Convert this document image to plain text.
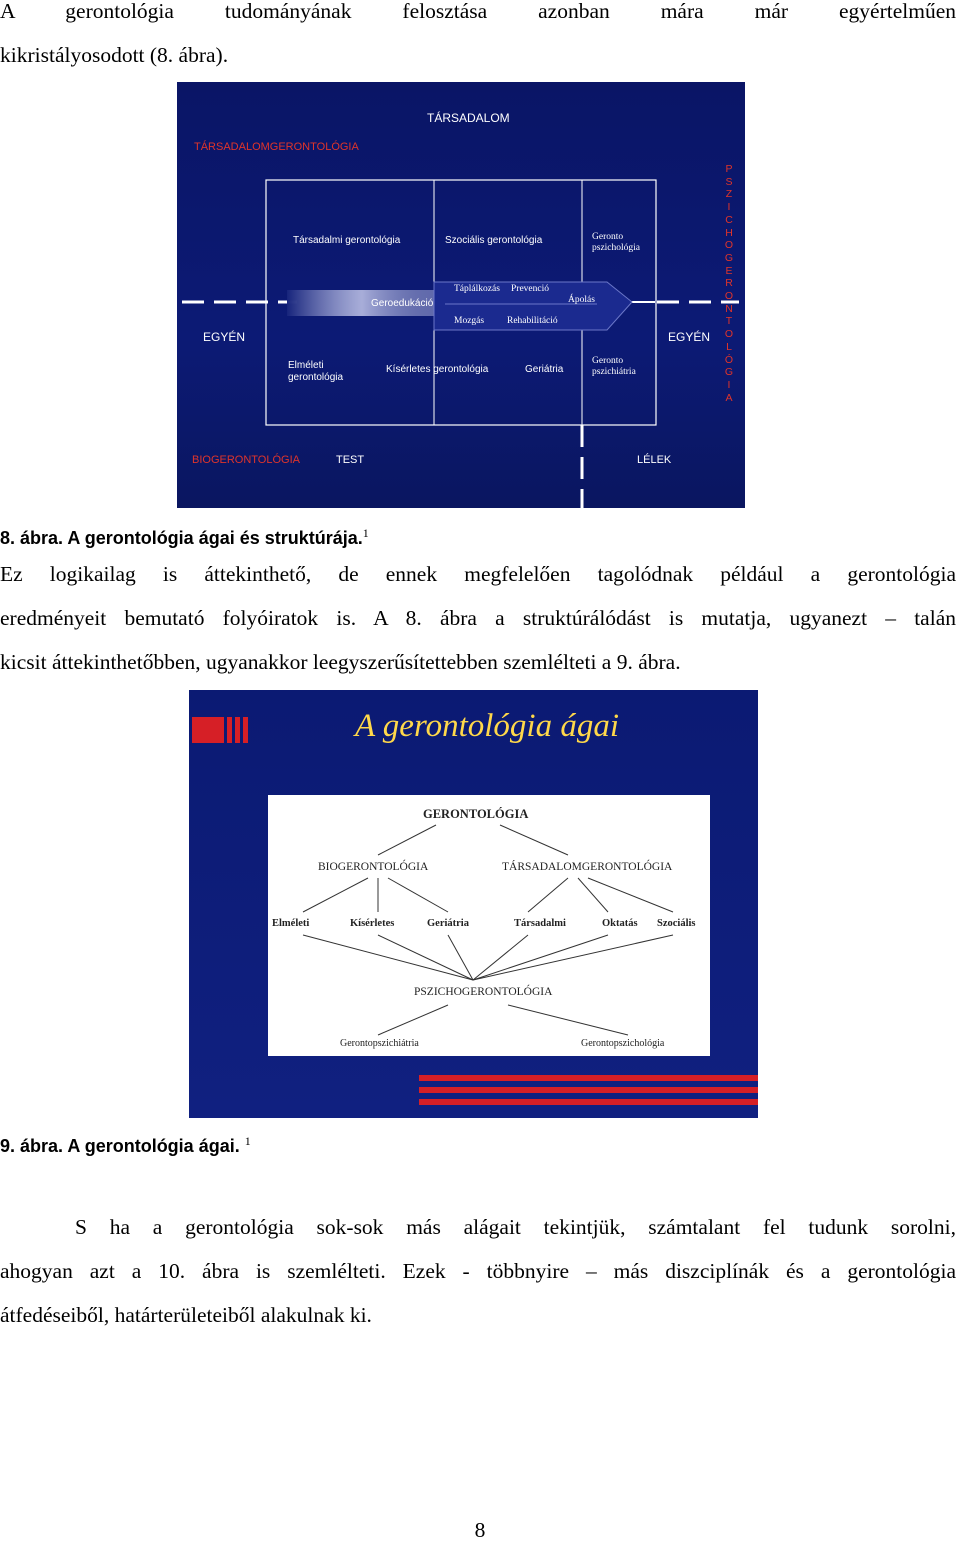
A gerontológia tudományának felosztása azonban mára már egyértelműen
kikristályosodott (8. ábra).
TÁRSADALOM
TÁRSADALOMGERONTOLÓGIA
EGYÉN	EGYÉN
Társadalmi gerontológia	Szociális gerontológia	Geronto
pszichológia
Geroedukáció
Táplálkozás Prevenció
Ápolás
Mozgás Rehabilitáció
Elméleti
gerontológia
Kísérletes gerontológia	Geriátria
Geronto
pszichiátria
BIOGERONTOLÓGIA	TEST	LÉLEK
P
S
Z
I
C
H
O
G
E
R
O
N
T
O
L
Ó
G
I
A
8. ábra. A gerontológia ágai és struktúrája.$^1$
Ez logikailag is áttekinthető, de ennek megfelelően tagolódnak például a gerontológia
eredményeit bemutató folyóiratok is. A 8. ábra a struktúrálódást is mutatja, ugyanezt – talán
kicsit áttekinthetőbben, ugyanakkor leegyszerűsítettebben szemlélteti a 9. ábra.
A gerontológia ágai
GERONTOLÓGIA
BIOGERONTOLÓGIA	TÁRSADALOMGERONTOLÓGIA
Elméleti	Kísérletes	Geriátria	Társadalmi	Oktatás Szociális
PSZICHOGERONTOLÓGIA
Gerontopszichiátria	Gerontopszichológia
9. ábra. A gerontológia ágai. $^1$
S ha a gerontológia sok-sok más alágait tekintjük, számtalant fel tudunk sorolni,
ahogyan azt a 10. ábra is szemlélteti. Ezek - többnyire – más diszciplínák és a gerontológia
átfedéseiből, határterületeiből alakulnak ki.
8
